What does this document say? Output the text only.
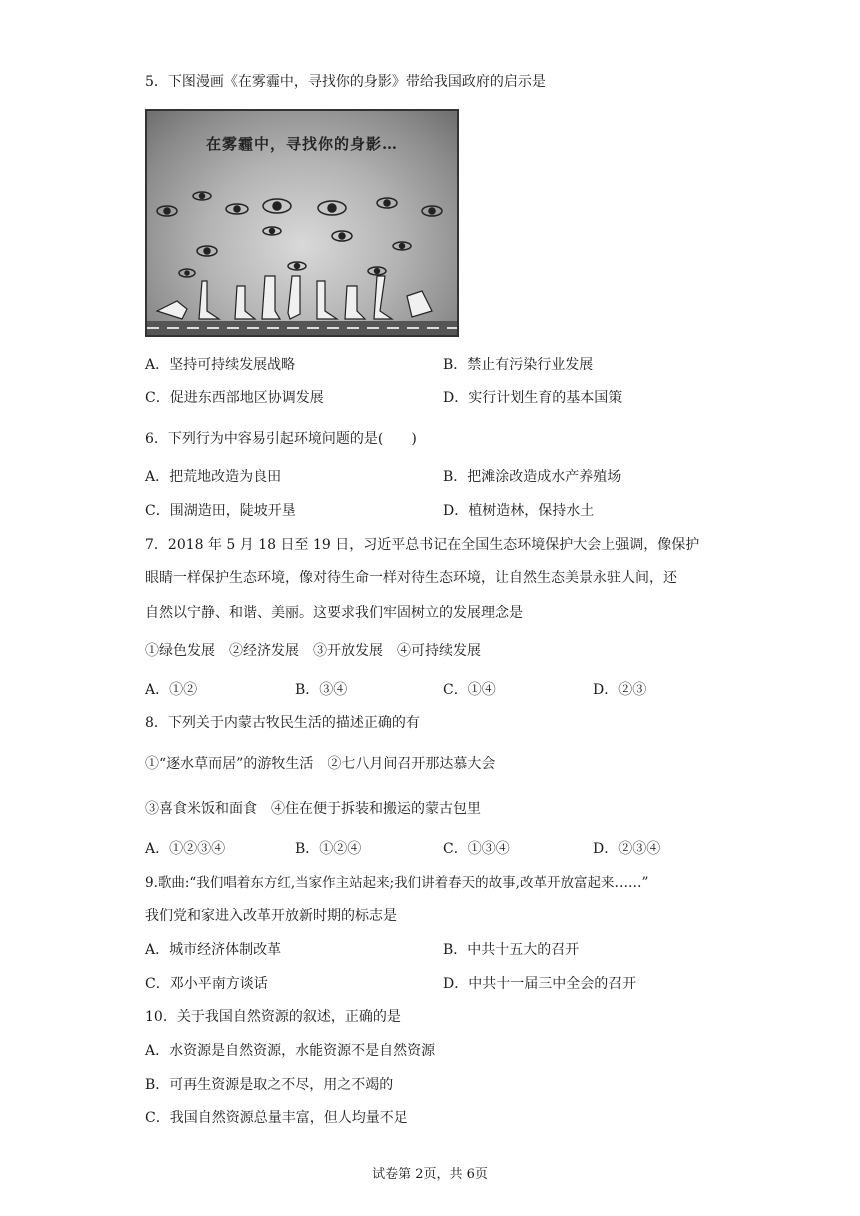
5．下图漫画《在雾霾中，寻找你的身影》带给我国政府的启示是
在雾霾中，寻找你的身影…
A．坚持可持续发展战略	B．禁止有污染行业发展
C．促进东西部地区协调发展	D．实行计划生育的基本国策
6．下列行为中容易引起环境问题的是(　　)
A．把荒地改造为良田	B．把滩涂改造成水产养殖场
C．围湖造田，陡坡开垦	D．植树造林，保持水土
7．2018 年 5 月 18 日至 19 日，习近平总书记在全国生态环境保护大会上强调，像保护
眼睛一样保护生态环境，像对待生命一样对待生态环境，让自然生态美景永驻人间，还
自然以宁静、和谐、美丽。这要求我们牢固树立的发展理念是
①绿色发展　②经济发展　③开放发展　④可持续发展
A．①②	B．③④	C．①④	D．②③
8．下列关于内蒙古牧民生活的描述正确的有
①“逐水草而居”的游牧生活　②七八月间召开那达慕大会
③喜食米饭和面食　④住在便于拆装和搬运的蒙古包里
A．①②③④	B．①②④	C．①③④	D．②③④
9.歌曲:“我们唱着东方红,当家作主站起来;我们讲着春天的故事,改革开放富起来……”
我们党和家进入改革开放新时期的标志是
A．城市经济体制改革	B．中共十五大的召开
C．邓小平南方谈话	D．中共十一届三中全会的召开
10．关于我国自然资源的叙述，正确的是
A．水资源是自然资源，水能资源不是自然资源
B．可再生资源是取之不尽，用之不竭的
C．我国自然资源总量丰富，但人均量不足
试卷第 2页，共 6页
